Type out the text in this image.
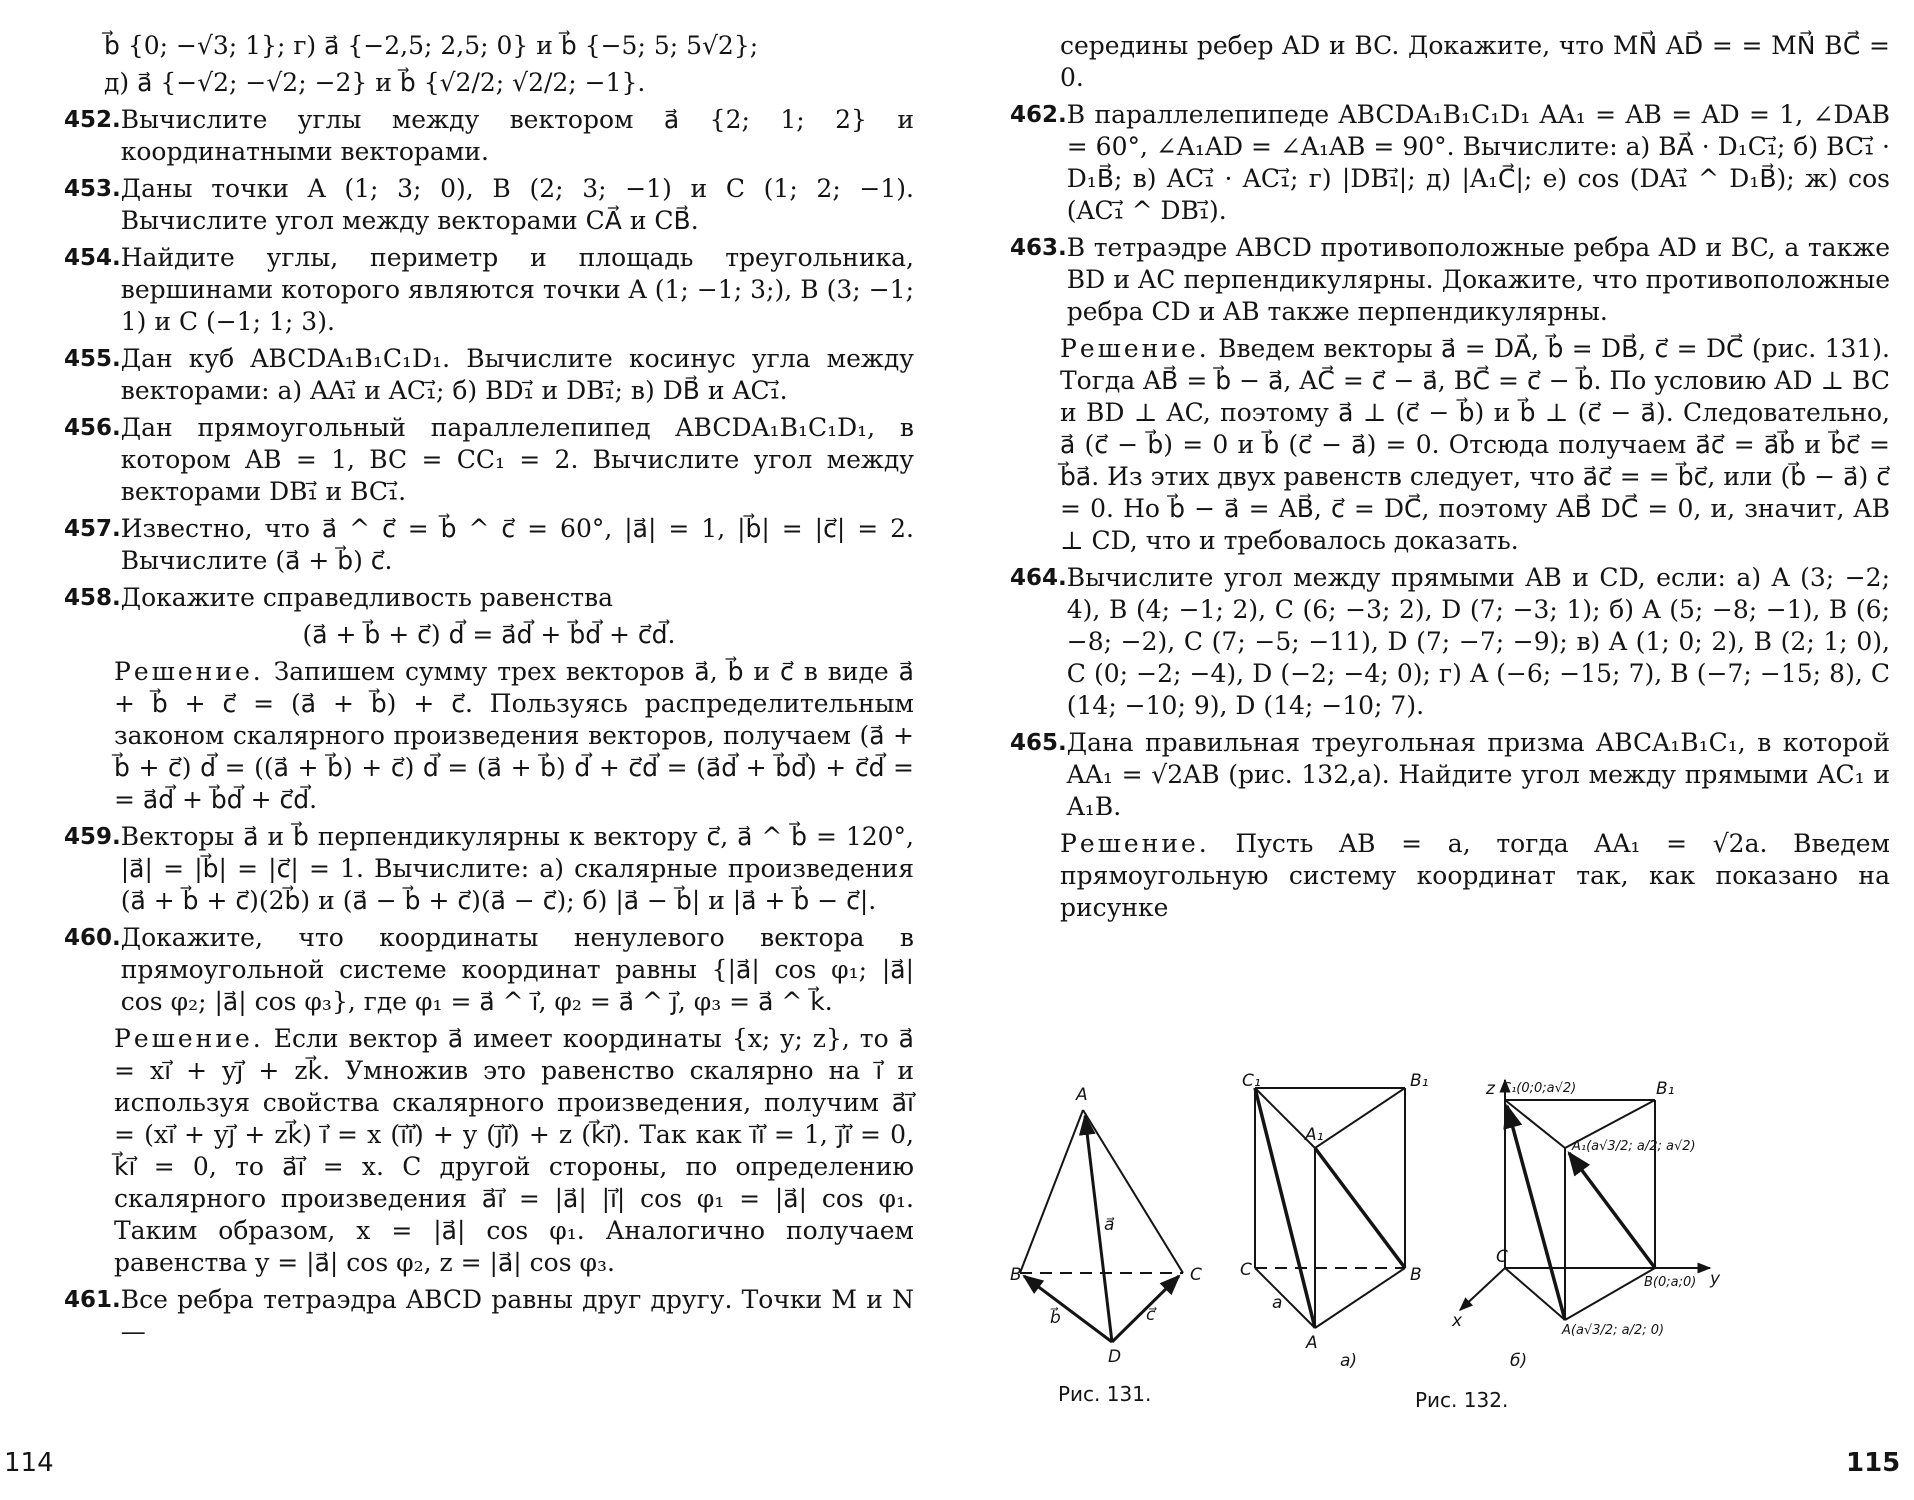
b⃗ {0; −√3; 1}; г) a⃗ {−2,5; 2,5; 0} и b⃗ {−5; 5; 5√2};

д) a⃗ {−√2; −√2; −2} и b⃗ {√2/2; √2/2; −1}.

452. Вычислите углы между вектором a⃗ {2; 1; 2} и координатными векторами.
453. Даны точки A (1; 3; 0), B (2; 3; −1) и C (1; 2; −1). Вычислите угол между векторами CA⃗ и CB⃗.
454. Найдите углы, периметр и площадь треугольника, вершинами которого являются точки A (1; −1; 3;), B (3; −1; 1) и C (−1; 1; 3).
455. Дан куб ABCDA₁B₁C₁D₁. Вычислите косинус угла между векторами: а) AA₁⃗ и AC₁⃗; б) BD₁⃗ и DB₁⃗; в) DB⃗ и AC₁⃗.
456. Дан прямоугольный параллелепипед ABCDA₁B₁C₁D₁, в котором AB = 1, BC = CC₁ = 2. Вычислите угол между векторами DB₁⃗ и BC₁⃗.
457. Известно, что a⃗ ^ c⃗ = b⃗ ^ c⃗ = 60°, |a⃗| = 1, |b⃗| = |c⃗| = 2. Вычислите (a⃗ + b⃗) c⃗.
458. Докажите справедливость равенства

(a⃗ + b⃗ + c⃗) d⃗ = a⃗d⃗ + b⃗d⃗ + c⃗d⃗.

Решение. Запишем сумму трех векторов a⃗, b⃗ и c⃗ в виде a⃗ + b⃗ + c⃗ = (a⃗ + b⃗) + c⃗. Пользуясь распределительным законом скалярного произведения векторов, получаем (a⃗ + b⃗ + c⃗) d⃗ = ((a⃗ + b⃗) + c⃗) d⃗ = (a⃗ + b⃗) d⃗ + c⃗d⃗ = (a⃗d⃗ + b⃗d⃗) + c⃗d⃗ = = a⃗d⃗ + b⃗d⃗ + c⃗d⃗.

459. Векторы a⃗ и b⃗ перпендикулярны к вектору c⃗, a⃗ ^ b⃗ = 120°, |a⃗| = |b⃗| = |c⃗| = 1. Вычислите: а) скалярные произведения (a⃗ + b⃗ + c⃗)(2b⃗) и (a⃗ − b⃗ + c⃗)(a⃗ − c⃗); б) |a⃗ − b⃗| и |a⃗ + b⃗ − c⃗|.
460. Докажите, что координаты ненулевого вектора в прямоугольной системе координат равны {|a⃗| cos φ₁; |a⃗| cos φ₂; |a⃗| cos φ₃}, где φ₁ = a⃗ ^ i⃗, φ₂ = a⃗ ^ j⃗, φ₃ = a⃗ ^ k⃗.

Решение. Если вектор a⃗ имеет координаты {x; y; z}, то a⃗ = xi⃗ + yj⃗ + zk⃗. Умножив это равенство скалярно на i⃗ и используя свойства скалярного произведения, получим a⃗i⃗ = (xi⃗ + yj⃗ + zk⃗) i⃗ = x (i⃗i⃗) + y (j⃗i⃗) + z (k⃗i⃗). Так как i⃗i⃗ = 1, j⃗i⃗ = 0, k⃗i⃗ = 0, то a⃗i⃗ = x. С другой стороны, по определению скалярного произведения a⃗i⃗ = |a⃗| |i⃗| cos φ₁ = |a⃗| cos φ₁. Таким образом, x = |a⃗| cos φ₁. Аналогично получаем равенства y = |a⃗| cos φ₂, z = |a⃗| cos φ₃.

461. Все ребра тетраэдра ABCD равны друг другу. Точки M и N —
114

середины ребер AD и BC. Докажите, что MN⃗ AD⃗ = = MN⃗ BC⃗ = 0.

462. В параллелепипеде ABCDA₁B₁C₁D₁ AA₁ = AB = AD = 1, ∠DAB = 60°, ∠A₁AD = ∠A₁AB = 90°. Вычислите: а) BA⃗ · D₁C₁⃗; б) BC₁⃗ · D₁B⃗; в) AC₁⃗ · AC₁⃗; г) |DB₁⃗|; д) |A₁C⃗|; е) cos (DA₁⃗ ^ D₁B⃗); ж) cos (AC₁⃗ ^ DB₁⃗).
463. В тетраэдре ABCD противоположные ребра AD и BC, а также BD и AC перпендикулярны. Докажите, что противоположные ребра CD и AB также перпендикулярны.

Решение. Введем векторы a⃗ = DA⃗, b⃗ = DB⃗, c⃗ = DC⃗ (рис. 131). Тогда AB⃗ = b⃗ − a⃗, AC⃗ = c⃗ − a⃗, BC⃗ = c⃗ − b⃗. По условию AD ⊥ BC и BD ⊥ AC, поэтому a⃗ ⊥ (c⃗ − b⃗) и b⃗ ⊥ (c⃗ − a⃗). Следовательно, a⃗ (c⃗ − b⃗) = 0 и b⃗ (c⃗ − a⃗) = 0. Отсюда получаем a⃗c⃗ = a⃗b⃗ и b⃗c⃗ = b⃗a⃗. Из этих двух равенств следует, что a⃗c⃗ = = b⃗c⃗, или (b⃗ − a⃗) c⃗ = 0. Но b⃗ − a⃗ = AB⃗, c⃗ = DC⃗, поэтому AB⃗ DC⃗ = 0, и, значит, AB ⊥ CD, что и требовалось доказать.

464. Вычислите угол между прямыми AB и CD, если: а) A (3; −2; 4), B (4; −1; 2), C (6; −3; 2), D (7; −3; 1); б) A (5; −8; −1), B (6; −8; −2), C (7; −5; −11), D (7; −7; −9); в) A (1; 0; 2), B (2; 1; 0), C (0; −2; −4), D (−2; −4; 0); г) A (−6; −15; 7), B (−7; −15; 8), C (14; −10; 9), D (14; −10; 7).
465. Дана правильная треугольная призма ABCA₁B₁C₁, в которой AA₁ = √2AB (рис. 132,а). Найдите угол между прямыми AC₁ и A₁B.

Решение. Пусть AB = a, тогда AA₁ = √2a. Введем прямоугольную систему координат так, как показано на рисунке

A
B	C
D
a⃗
b⃗	c⃗
C₁	B₁
A₁
C	B
A
a
а)
z
x
y
C₁(0;0;a√2)	B₁
A₁(a√3/2; a/2; a√2)
C
B(0;a;0)
A(a√3/2; a/2; 0)
б)
Рис. 131.	Рис. 132.
115
